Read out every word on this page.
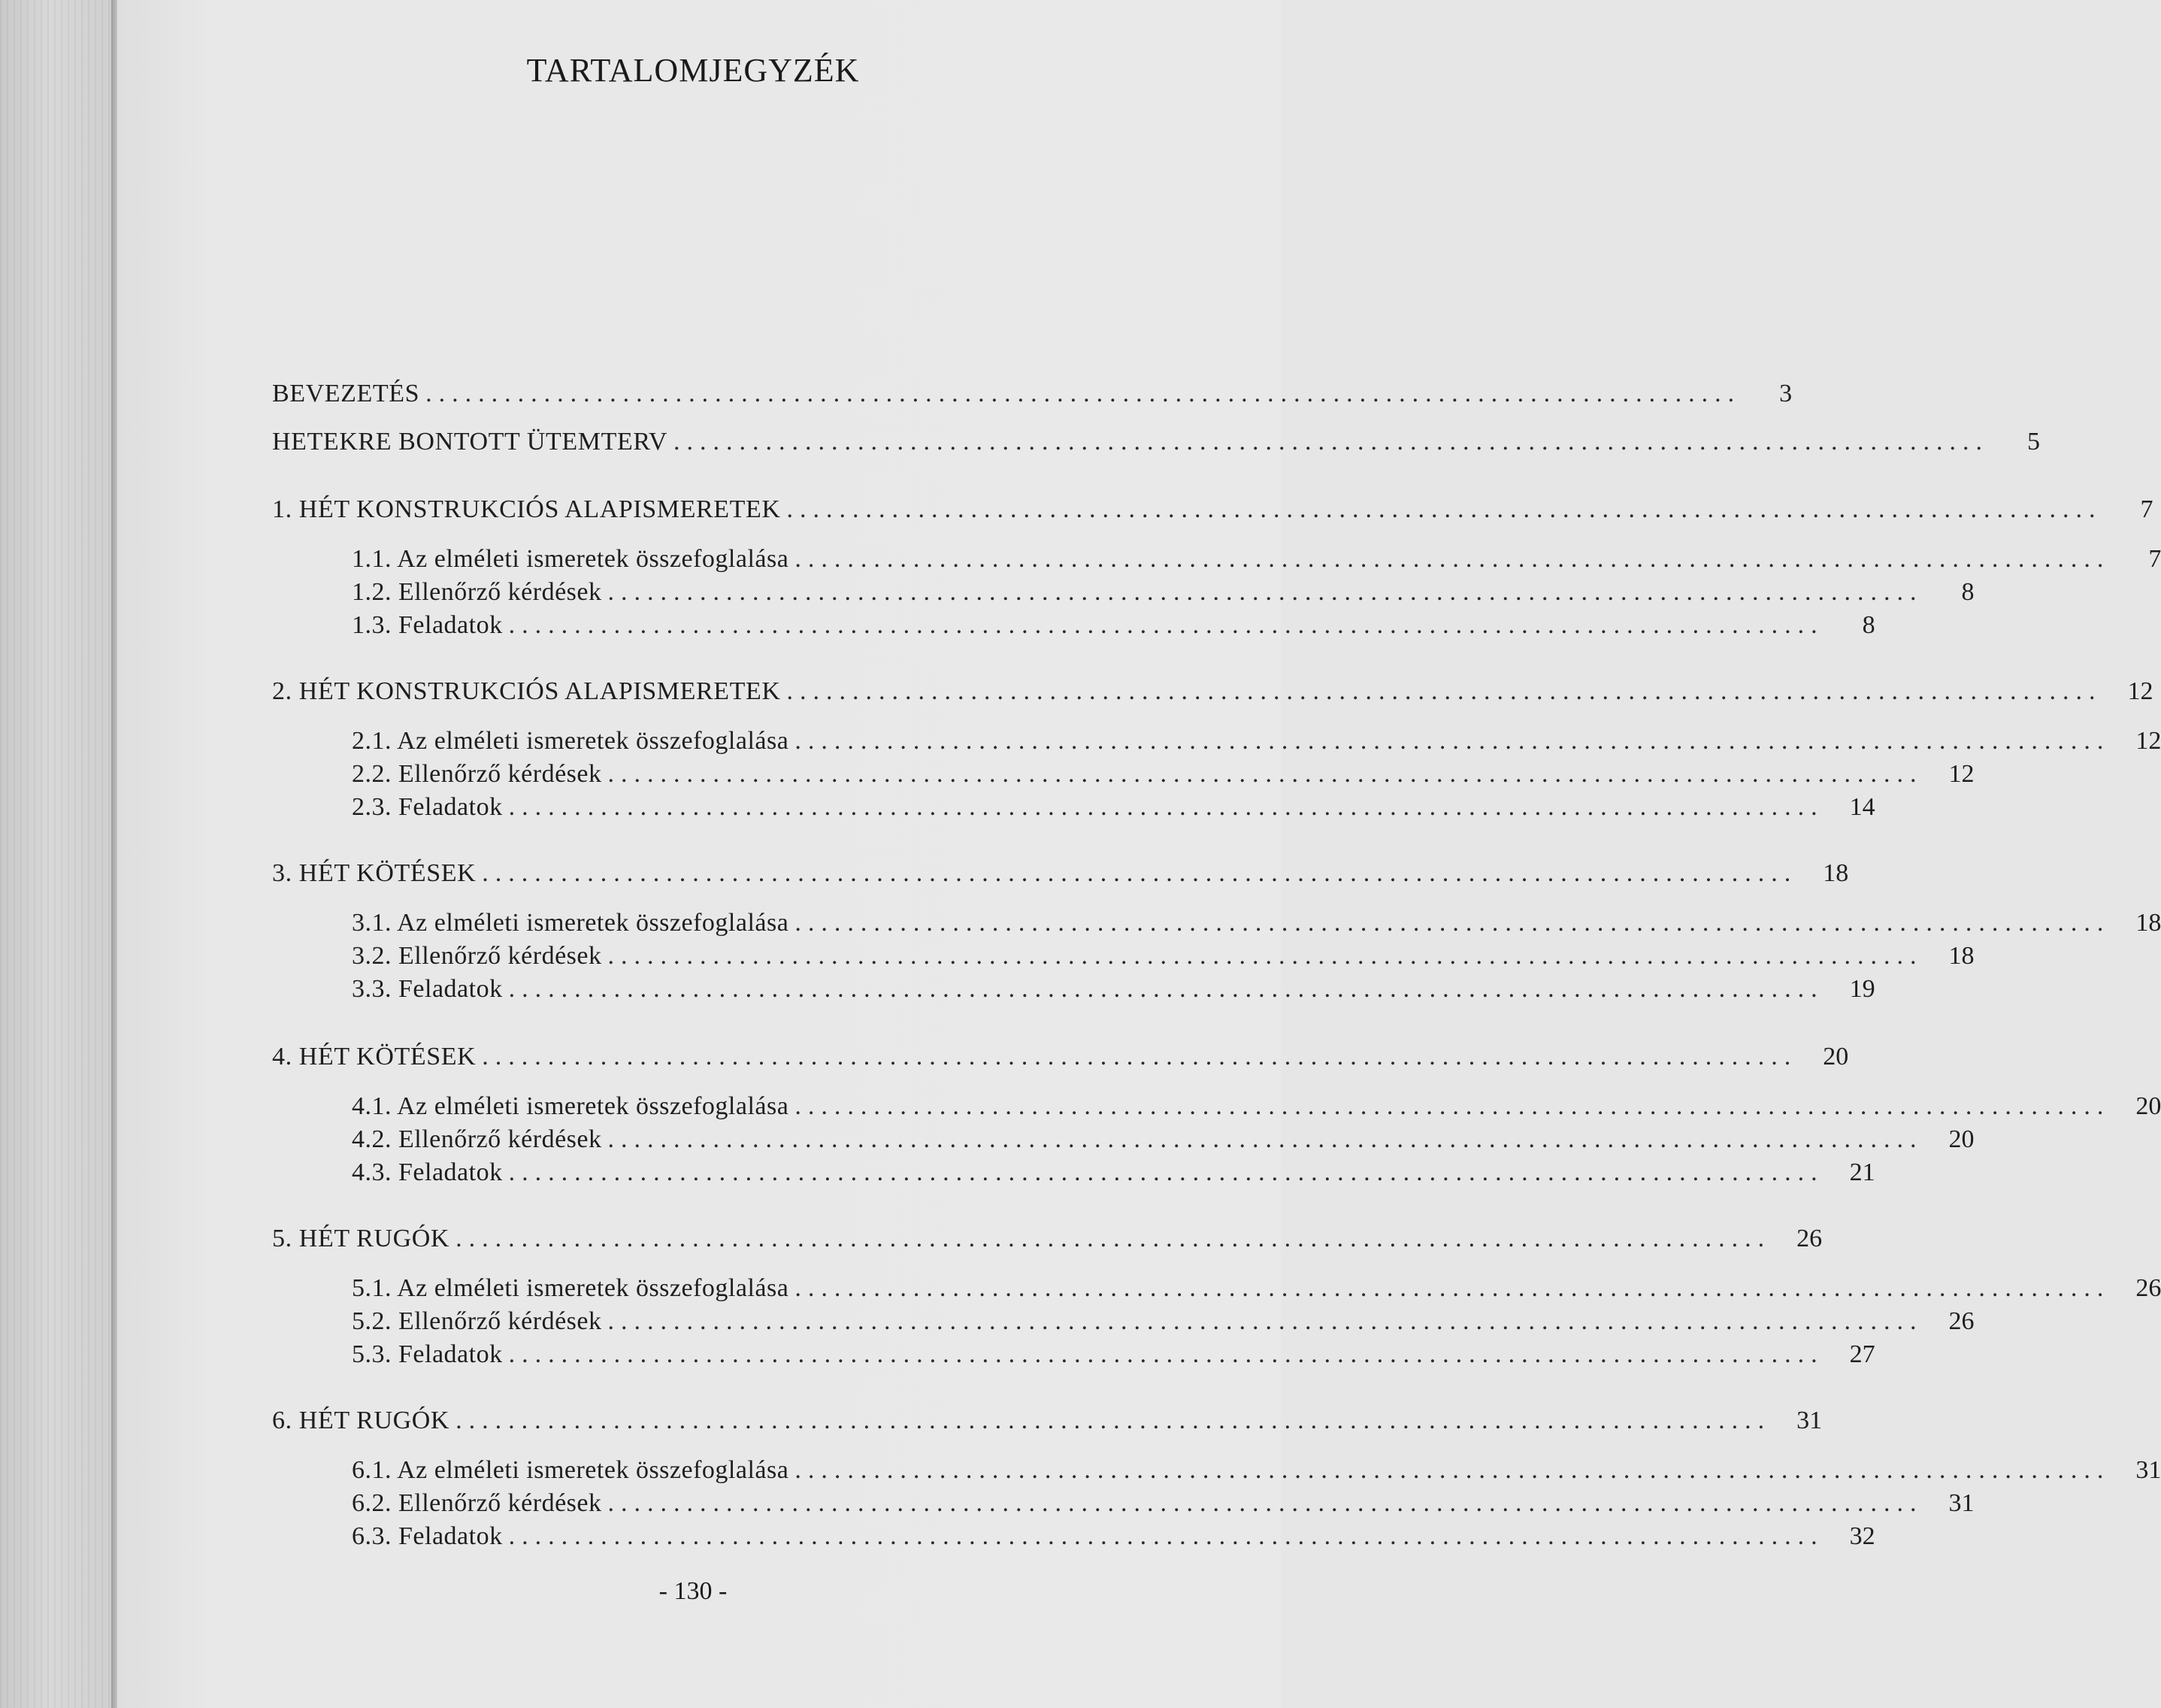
TARTALOMJEGYZÉK
BEVEZETÉS ....................................................................................................	3
HETEKRE BONTOTT ÜTEMTERV ....................................................................................................	5
1. HÉT KONSTRUKCIÓS ALAPISMERETEK ....................................................................................................	7
1.1. Az elméleti ismeretek összefoglalása ....................................................................................................	7
1.2. Ellenőrző kérdések ....................................................................................................	8
1.3. Feladatok ....................................................................................................	8
2. HÉT KONSTRUKCIÓS ALAPISMERETEK ....................................................................................................	12
2.1. Az elméleti ismeretek összefoglalása ....................................................................................................	12
2.2. Ellenőrző kérdések ....................................................................................................	12
2.3. Feladatok ....................................................................................................	14
3. HÉT KÖTÉSEK ....................................................................................................	18
3.1. Az elméleti ismeretek összefoglalása ....................................................................................................	18
3.2. Ellenőrző kérdések ....................................................................................................	18
3.3. Feladatok ....................................................................................................	19
4. HÉT KÖTÉSEK ....................................................................................................	20
4.1. Az elméleti ismeretek összefoglalása ....................................................................................................	20
4.2. Ellenőrző kérdések ....................................................................................................	20
4.3. Feladatok ....................................................................................................	21
5. HÉT RUGÓK ....................................................................................................	26
5.1. Az elméleti ismeretek összefoglalása ....................................................................................................	26
5.2. Ellenőrző kérdések ....................................................................................................	26
5.3. Feladatok ....................................................................................................	27
6. HÉT RUGÓK ....................................................................................................	31
6.1. Az elméleti ismeretek összefoglalása ....................................................................................................	31
6.2. Ellenőrző kérdések ....................................................................................................	31
6.3. Feladatok ....................................................................................................	32
- 130 -
